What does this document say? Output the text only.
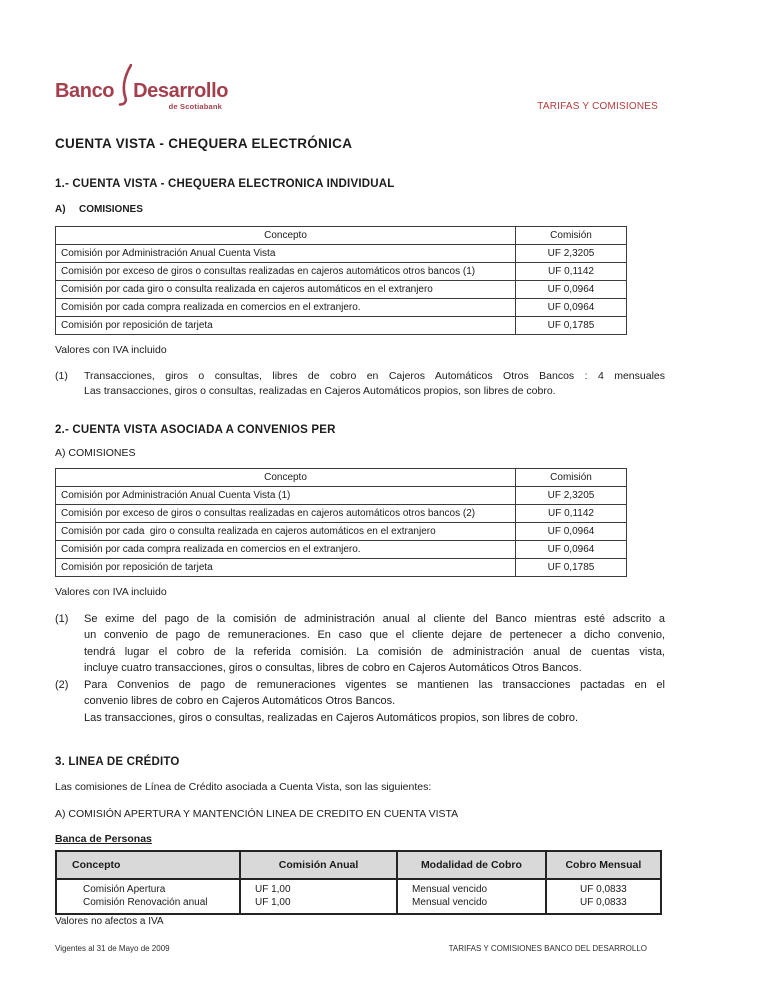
Banco Desarrollo
de Scotiabank	TARIFAS Y COMISIONES
CUENTA VISTA - CHEQUERA ELECTRÓNICA
1.- CUENTA VISTA - CHEQUERA ELECTRONICA INDIVIDUAL

A) COMISIONES

Concepto	Comisión
Comisión por Administración Anual Cuenta Vista	UF 2,3205
Comisión por exceso de giros o consultas realizadas en cajeros automáticos otros bancos (1)	UF 0,1142
Comisión por cada giro o consulta realizada en cajeros automáticos en el extranjero	UF 0,0964
Comisión por cada compra realizada en comercios en el extranjero.	UF 0,0964
Comisión por reposición de tarjeta	UF 0,1785

Valores con IVA incluido

(1)	Transacciones, giros o consultas, libres de cobro en Cajeros Automáticos Otros Bancos : 4 mensuales
Las transacciones, giros o consultas, realizadas en Cajeros Automáticos propios, son libres de cobro.
2.- CUENTA VISTA ASOCIADA A CONVENIOS PER

A) COMISIONES

Concepto	Comisión
Comisión por Administración Anual Cuenta Vista (1)	UF 2,3205
Comisión por exceso de giros o consultas realizadas en cajeros automáticos otros bancos (2)	UF 0,1142
Comisión por cada  giro o consulta realizada en cajeros automáticos en el extranjero	UF 0,0964
Comisión por cada compra realizada en comercios en el extranjero.	UF 0,0964
Comisión por reposición de tarjeta	UF 0,1785

Valores con IVA incluido

(1)	Se exime del pago de la comisión de administración anual al cliente del Banco mientras esté adscrito a
un convenio de pago de remuneraciones. En caso que el cliente dejare de pertenecer a dicho convenio,
tendrá lugar el cobro de la referida comisión. La comisión de administración anual de cuentas vista,
incluye cuatro transacciones, giros o consultas, libres de cobro en Cajeros Automáticos Otros Bancos.
(2)	Para Convenios de pago de remuneraciones vigentes se mantienen las transacciones pactadas en el
convenio libres de cobro en Cajeros Automáticos Otros Bancos.
Las transacciones, giros o consultas, realizadas en Cajeros Automáticos propios, son libres de cobro.
3. LINEA DE CRÉDITO

Las comisiones de Línea de Crédito asociada a Cuenta Vista, son las siguientes:

A) COMISIÓN APERTURA Y MANTENCIÓN LINEA DE CREDITO EN CUENTA VISTA

Banca de Personas

Concepto	Comisión Anual	Modalidad de Cobro	Cobro Mensual
Comisión Apertura	UF 1,00	Mensual vencido	UF 0,0833
Comisión Renovación anual	UF 1,00	Mensual vencido	UF 0,0833

Valores no afectos a IVA

Vigentes al 31 de Mayo de 2009	TARIFAS Y COMISIONES BANCO DEL DESARROLLO
